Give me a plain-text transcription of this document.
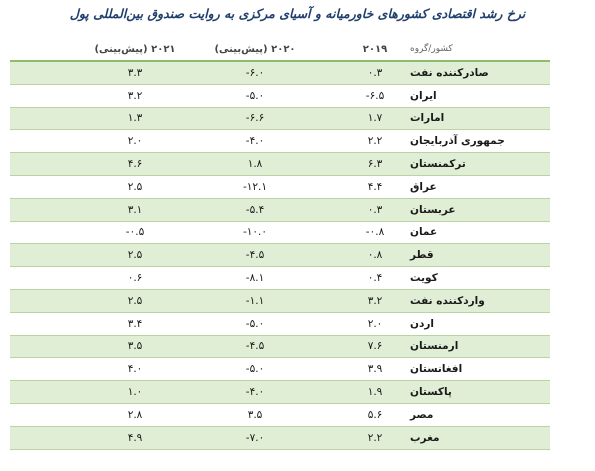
نرخ رشد اقتصادی کشورهای خاورمیانه و آسیای مرکزی به روایت صندوق بین‌المللی پول
۲۰۲۱ (پیش‌بینی)	۲۰۲۰ (پیش‌بینی)	۲۰۱۹	کشور/گروه
۳.۳	-۶.۰	۰.۳	صادرکننده نفت
۳.۲	-۵.۰	-۶.۵	ایران
۱.۳	-۶.۶	۱.۷	امارات
۲.۰	-۴.۰	۲.۲	جمهوری آذربایجان
۴.۶	۱.۸	۶.۳	ترکمنستان
۲.۵	-۱۲.۱	۴.۴	عراق
۳.۱	-۵.۴	۰.۳	عربستان
-۰.۵	-۱۰.۰	-۰.۸	عمان
۲.۵	-۴.۵	۰.۸	قطر
۰.۶	-۸.۱	۰.۴	کویت
۲.۵	-۱.۱	۳.۲	واردکننده نفت
۳.۴	-۵.۰	۲.۰	اردن
۳.۵	-۴.۵	۷.۶	ارمنستان
۴.۰	-۵.۰	۳.۹	افغانستان
۱.۰	-۴.۰	۱.۹	پاکستان
۲.۸	۳.۵	۵.۶	مصر
۴.۹	-۷.۰	۲.۲	مغرب
